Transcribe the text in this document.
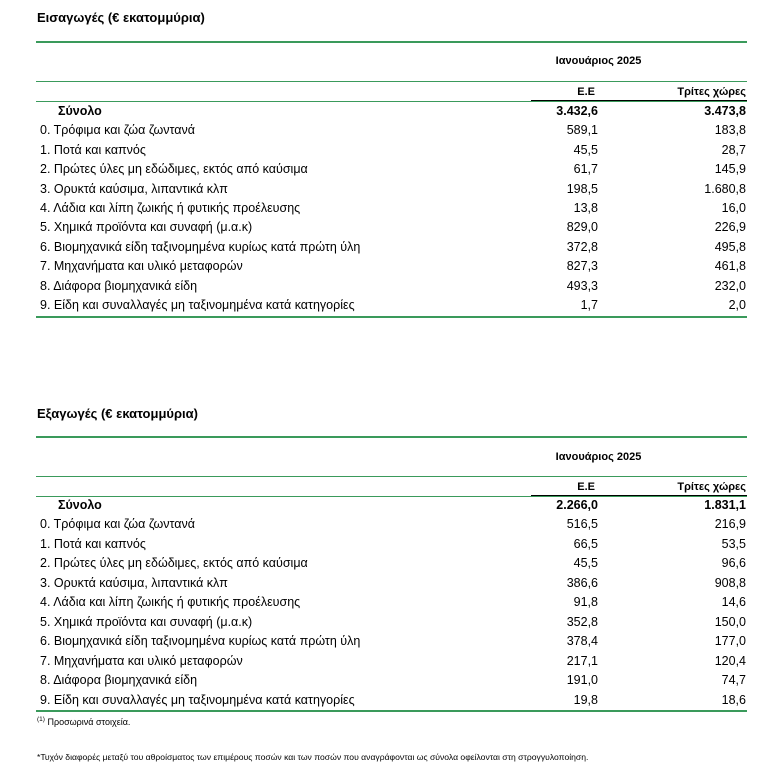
Εισαγωγές (€ εκατομμύρια)
Ιανουάριος 2025
Ε.Ε	Τρίτες χώρες
Σύνολο	3.432,6	3.473,8
0. Τρόφιμα και ζώα ζωντανά	589,1	183,8
1. Ποτά και καπνός	45,5	28,7
2. Πρώτες ύλες μη εδώδιμες, εκτός από καύσιμα	61,7	145,9
3. Ορυκτά καύσιμα, λιπαντικά κλπ	198,5	1.680,8
4. Λάδια και λίπη ζωικής ή φυτικής προέλευσης	13,8	16,0
5. Χημικά προϊόντα και συναφή (μ.α.κ)	829,0	226,9
6. Βιομηχανικά είδη ταξινομημένα κυρίως κατά πρώτη ύλη	372,8	495,8
7. Μηχανήματα και υλικό μεταφορών	827,3	461,8
8. Διάφορα βιομηχανικά είδη	493,3	232,0
9. Είδη και συναλλαγές μη ταξινομημένα κατά κατηγορίες	1,7	2,0
Εξαγωγές (€ εκατομμύρια)
Ιανουάριος 2025
Ε.Ε	Τρίτες χώρες
Σύνολο	2.266,0	1.831,1
0. Τρόφιμα και ζώα ζωντανά	516,5	216,9
1. Ποτά και καπνός	66,5	53,5
2. Πρώτες ύλες μη εδώδιμες, εκτός από καύσιμα	45,5	96,6
3. Ορυκτά καύσιμα, λιπαντικά κλπ	386,6	908,8
4. Λάδια και λίπη ζωικής ή φυτικής προέλευσης	91,8	14,6
5. Χημικά προϊόντα και συναφή (μ.α.κ)	352,8	150,0
6. Βιομηχανικά είδη ταξινομημένα κυρίως κατά πρώτη ύλη	378,4	177,0
7. Μηχανήματα και υλικό μεταφορών	217,1	120,4
8. Διάφορα βιομηχανικά είδη	191,0	74,7
9. Είδη και συναλλαγές μη ταξινομημένα κατά κατηγορίες	19,8	18,6
$^{(1)}$ Προσωρινά στοιχεία.
*Τυχόν διαφορές μεταξύ του αθροίσματος των επιμέρους ποσών και των ποσών που αναγράφονται ως σύνολα οφείλονται στη στρογγυλοποίηση.
